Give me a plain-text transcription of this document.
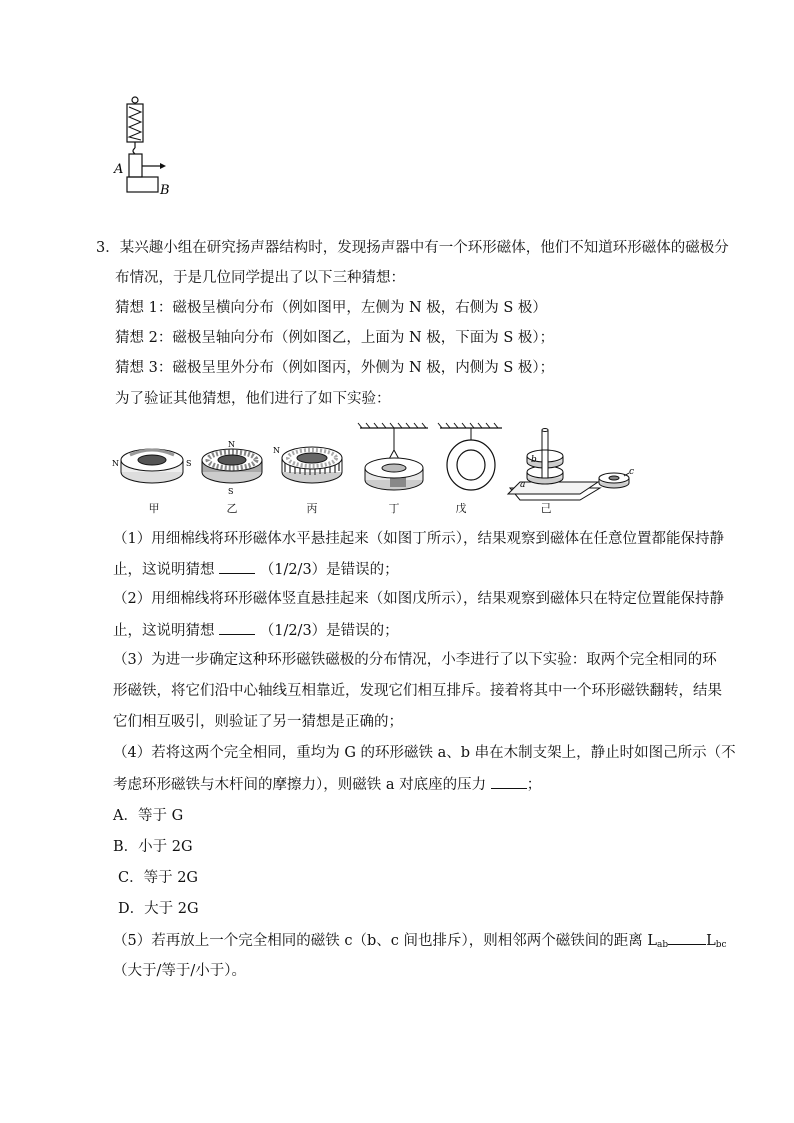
A
B
3．某兴趣小组在研究扬声器结构时，发现扬声器中有一个环形磁体，他们不知道环形磁体的磁极分
布情况，于是几位同学提出了以下三种猜想：
猜想 1：磁极呈横向分布（例如图甲，左侧为 N 极，右侧为 S 极）
猜想 2：磁极呈轴向分布（例如图乙，上面为 N 极，下面为 S 极）；
猜想 3：磁极呈里外分布（例如图丙，外侧为 N 极，内侧为 S 极）；
为了验证其他猜想，他们进行了如下实验：
N	S
N
S
N
b
a
c
甲	乙	丙	丁	戊	己
（1）用细棉线将环形磁体水平悬挂起来（如图丁所示），结果观察到磁体在任意位置都能保持静
止，这说明猜想	（1/2/3）是错误的；
（2）用细棉线将环形磁体竖直悬挂起来（如图戊所示），结果观察到磁体只在特定位置能保持静
止，这说明猜想	（1/2/3）是错误的；
（3）为进一步确定这种环形磁铁磁极的分布情况，小李进行了以下实验：取两个完全相同的环
形磁铁，将它们沿中心轴线互相靠近，发现它们相互排斥。接着将其中一个环形磁铁翻转，结果
它们相互吸引，则验证了另一猜想是正确的；
（4）若将这两个完全相同，重均为 G 的环形磁铁 a、b 串在木制支架上，静止时如图己所示（不
考虑环形磁铁与木杆间的摩擦力），则磁铁 a 对底座的压力 ；
A．等于 G
B．小于 2G
C．等于 2G
D．大于 2G
（5）若再放上一个完全相同的磁铁 c（b、c 间也排斥），则相邻两个磁铁间的距离 $L_{ab}$	$L_{bc}$
（大于/等于/小于）。
